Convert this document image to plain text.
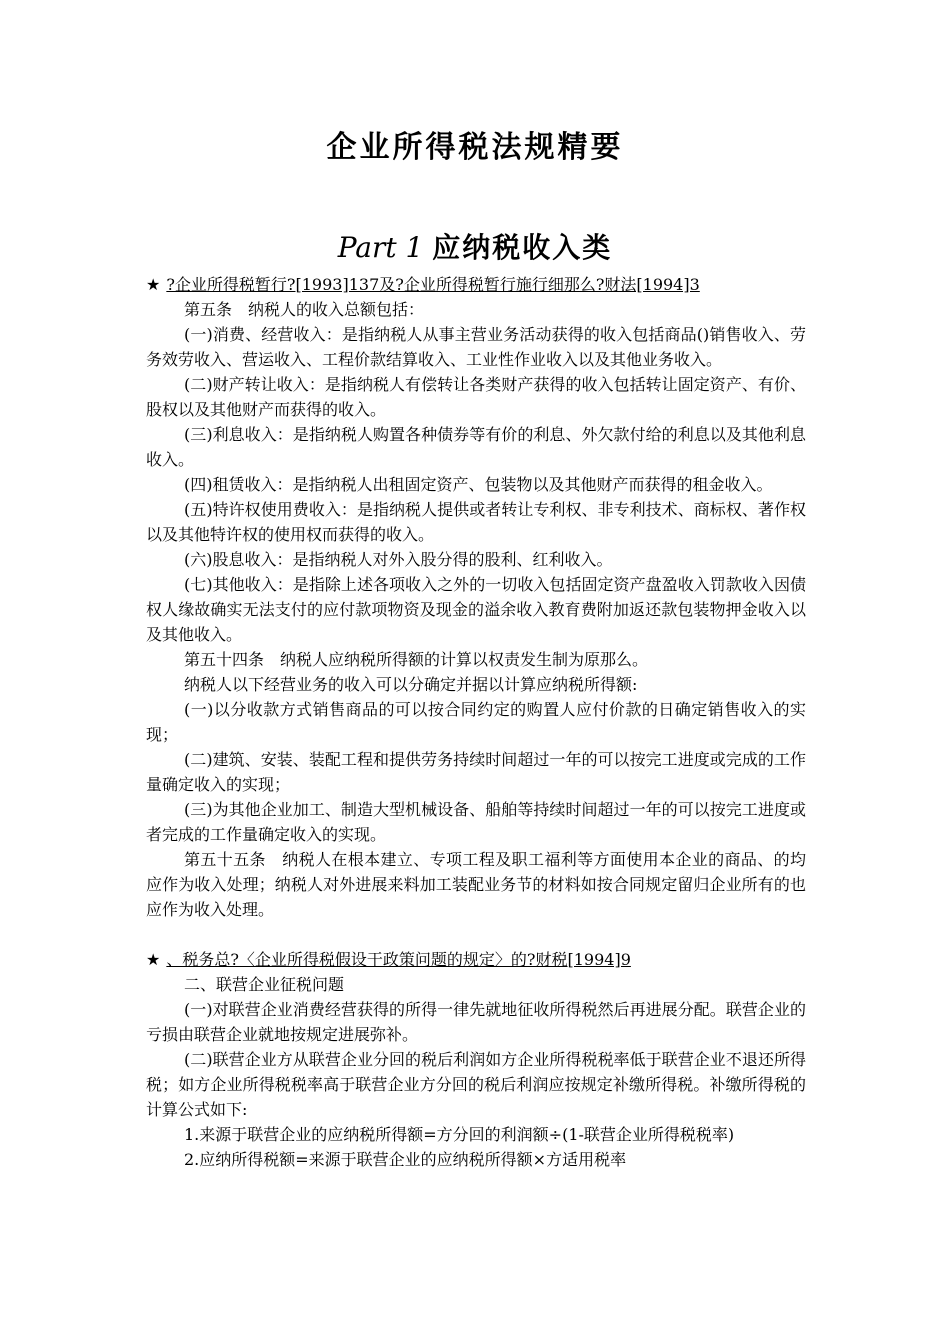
企业所得税法规精要
Part 1 应纳税收入类

★ ?企业所得税暂行?[1993]137及?企业所得税暂行施行细那么?财法[1994]3

第五条　纳税人的收入总额包括：

(一)消费、经营收入：是指纳税人从事主营业务活动获得的收入包括商品()销售收入、劳务效劳收入、营运收入、工程价款结算收入、工业性作业收入以及其他业务收入。

(二)财产转让收入：是指纳税人有偿转让各类财产获得的收入包括转让固定资产、有价、股权以及其他财产而获得的收入。

(三)利息收入：是指纳税人购置各种债券等有价的利息、外欠款付给的利息以及其他利息收入。

(四)租赁收入：是指纳税人出租固定资产、包装物以及其他财产而获得的租金收入。

(五)特许权使用费收入：是指纳税人提供或者转让专利权、非专利技术、商标权、著作权以及其他特许权的使用权而获得的收入。

(六)股息收入：是指纳税人对外入股分得的股利、红利收入。

(七)其他收入：是指除上述各项收入之外的一切收入包括固定资产盘盈收入罚款收入因债权人缘故确实无法支付的应付款项物资及现金的溢余收入教育费附加返还款包装物押金收入以及其他收入。

第五十四条　纳税人应纳税所得额的计算以权责发生制为原那么。

纳税人以下经营业务的收入可以分确定并据以计算应纳税所得额:

(一)以分收款方式销售商品的可以按合同约定的购置人应付价款的日确定销售收入的实现；

(二)建筑、安装、装配工程和提供劳务持续时间超过一年的可以按完工进度或完成的工作量确定收入的实现；

(三)为其他企业加工、制造大型机械设备、船舶等持续时间超过一年的可以按完工进度或者完成的工作量确定收入的实现。

第五十五条　纳税人在根本建立、专项工程及职工福利等方面使用本企业的商品、的均应作为收入处理；纳税人对外进展来料加工装配业务节的材料如按合同规定留归企业所有的也应作为收入处理。

★ 、税务总?〈企业所得税假设干政策问题的规定〉的?财税[1994]9

二、联营企业征税问题

(一)对联营企业消费经营获得的所得一律先就地征收所得税然后再进展分配。联营企业的亏损由联营企业就地按规定进展弥补。

(二)联营企业方从联营企业分回的税后利润如方企业所得税税率低于联营企业不退还所得税；如方企业所得税税率高于联营企业方分回的税后利润应按规定补缴所得税。补缴所得税的计算公式如下:

1.来源于联营企业的应纳税所得额=方分回的利润额÷(1-联营企业所得税税率)

2.应纳所得税额=来源于联营企业的应纳税所得额×方适用税率
